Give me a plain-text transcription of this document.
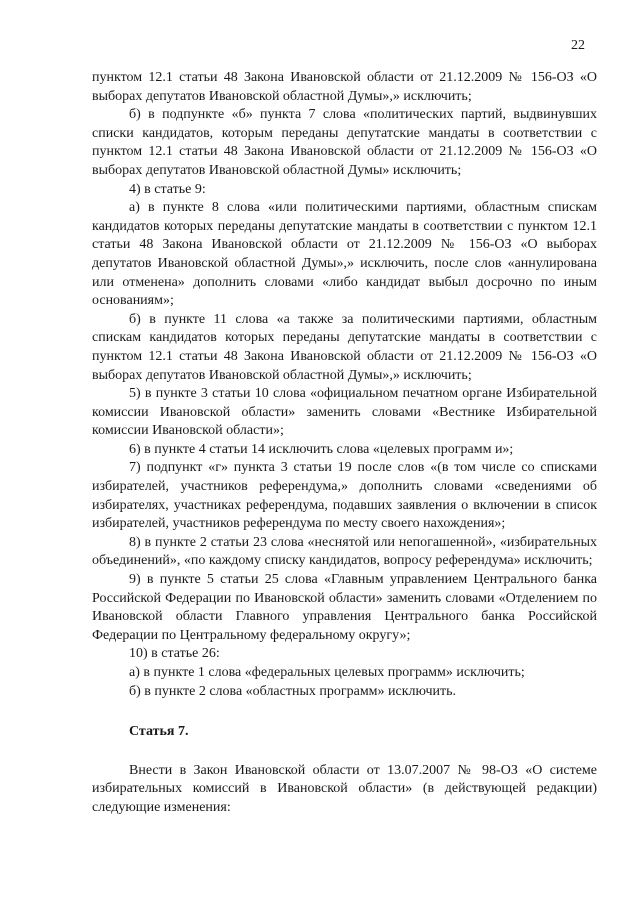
22

пунктом 12.1 статьи 48 Закона Ивановской области от 21.12.2009 № 156-ОЗ «О выборах депутатов Ивановской областной Думы»,» исключить;

б) в подпункте «б» пункта 7 слова «политических партий, выдвинувших списки кандидатов, которым переданы депутатские мандаты в соответствии с пунктом 12.1 статьи 48 Закона Ивановской области от 21.12.2009 № 156-ОЗ «О выборах депутатов Ивановской областной Думы» исключить;

4) в статье 9:

а) в пункте 8 слова «или политическими партиями, областным спискам кандидатов которых переданы депутатские мандаты в соответствии с пунктом 12.1 статьи 48 Закона Ивановской области от 21.12.2009 № 156-ОЗ «О выборах депутатов Ивановской областной Думы»,» исключить, после слов «аннулирована или отменена» дополнить словами «либо кандидат выбыл досрочно по иным основаниям»;

б) в пункте 11 слова «а также за политическими партиями, областным спискам кандидатов которых переданы депутатские мандаты в соответствии с пунктом 12.1 статьи 48 Закона Ивановской области от 21.12.2009 № 156-ОЗ «О выборах депутатов Ивановской областной Думы»,» исключить;

5) в пункте 3 статьи 10 слова «официальном печатном органе Избирательной комиссии Ивановской области» заменить словами «Вестнике Избирательной комиссии Ивановской области»;

6) в пункте 4 статьи 14 исключить слова «целевых программ и»;

7) подпункт «г» пункта 3 статьи 19 после слов «(в том числе со списками избирателей, участников референдума,» дополнить словами «сведениями об избирателях, участниках референдума, подавших заявления о включении в список избирателей, участников референдума по месту своего нахождения»;

8) в пункте 2 статьи 23 слова «неснятой или непогашенной», «избирательных объединений», «по каждому списку кандидатов, вопросу референдума» исключить;

9) в пункте 5 статьи 25 слова «Главным управлением Центрального банка Российской Федерации по Ивановской области» заменить словами «Отделением по Ивановской области Главного управления Центрального банка Российской Федерации по Центральному федеральному округу»;

10) в статье 26:

а) в пункте 1 слова «федеральных целевых программ» исключить;

б) в пункте 2 слова «областных программ» исключить.

Статья 7.

Внести в Закон Ивановской области от 13.07.2007 № 98-ОЗ «О системе избирательных комиссий в Ивановской области» (в действующей редакции) следующие изменения:
